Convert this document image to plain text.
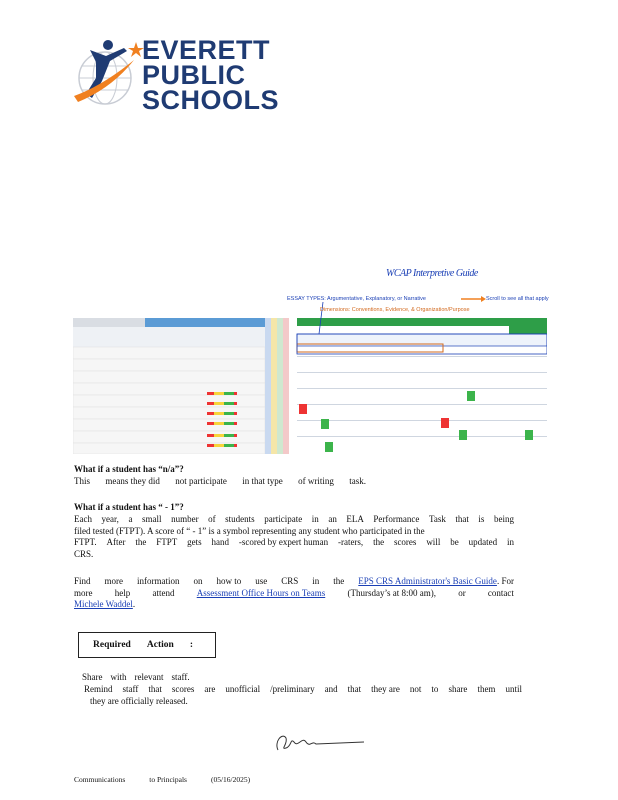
EVERETT
PUBLIC
SCHOOLS
WCAP Interpretive Guide
ESSAY TYPES: Argumentative, Explanatory, or Narrative	Scroll to see all that apply
Dimensions: Conventions, Evidence, & Organization/Purpose
What if a student has “n/a”?
This means they did not participate in that type of writing task.
What if a student has “ - 1”?
Each year, a small number of students participate in an ELA Performance Task that is being
filed tested (FTPT). A score of “ - 1” is a symbol representing any student who participated in the
FTPT. After the FTPT gets hand -scored by expert human -raters, the scores will be updated in
CRS.
Find more information on how to use CRS in the EPS CRS Administrator's Basic Guide. For
more help attend Assessment Office Hours on Teams (Thursday’s at 8:00 am), or contact
Michele Waddel.
Required Action :
Share with relevant staff.
Remind staff that scores are unofficial /preliminary and that they are not to share them until
they are officially released.
Communications	to Principals	(05/16/2025)
